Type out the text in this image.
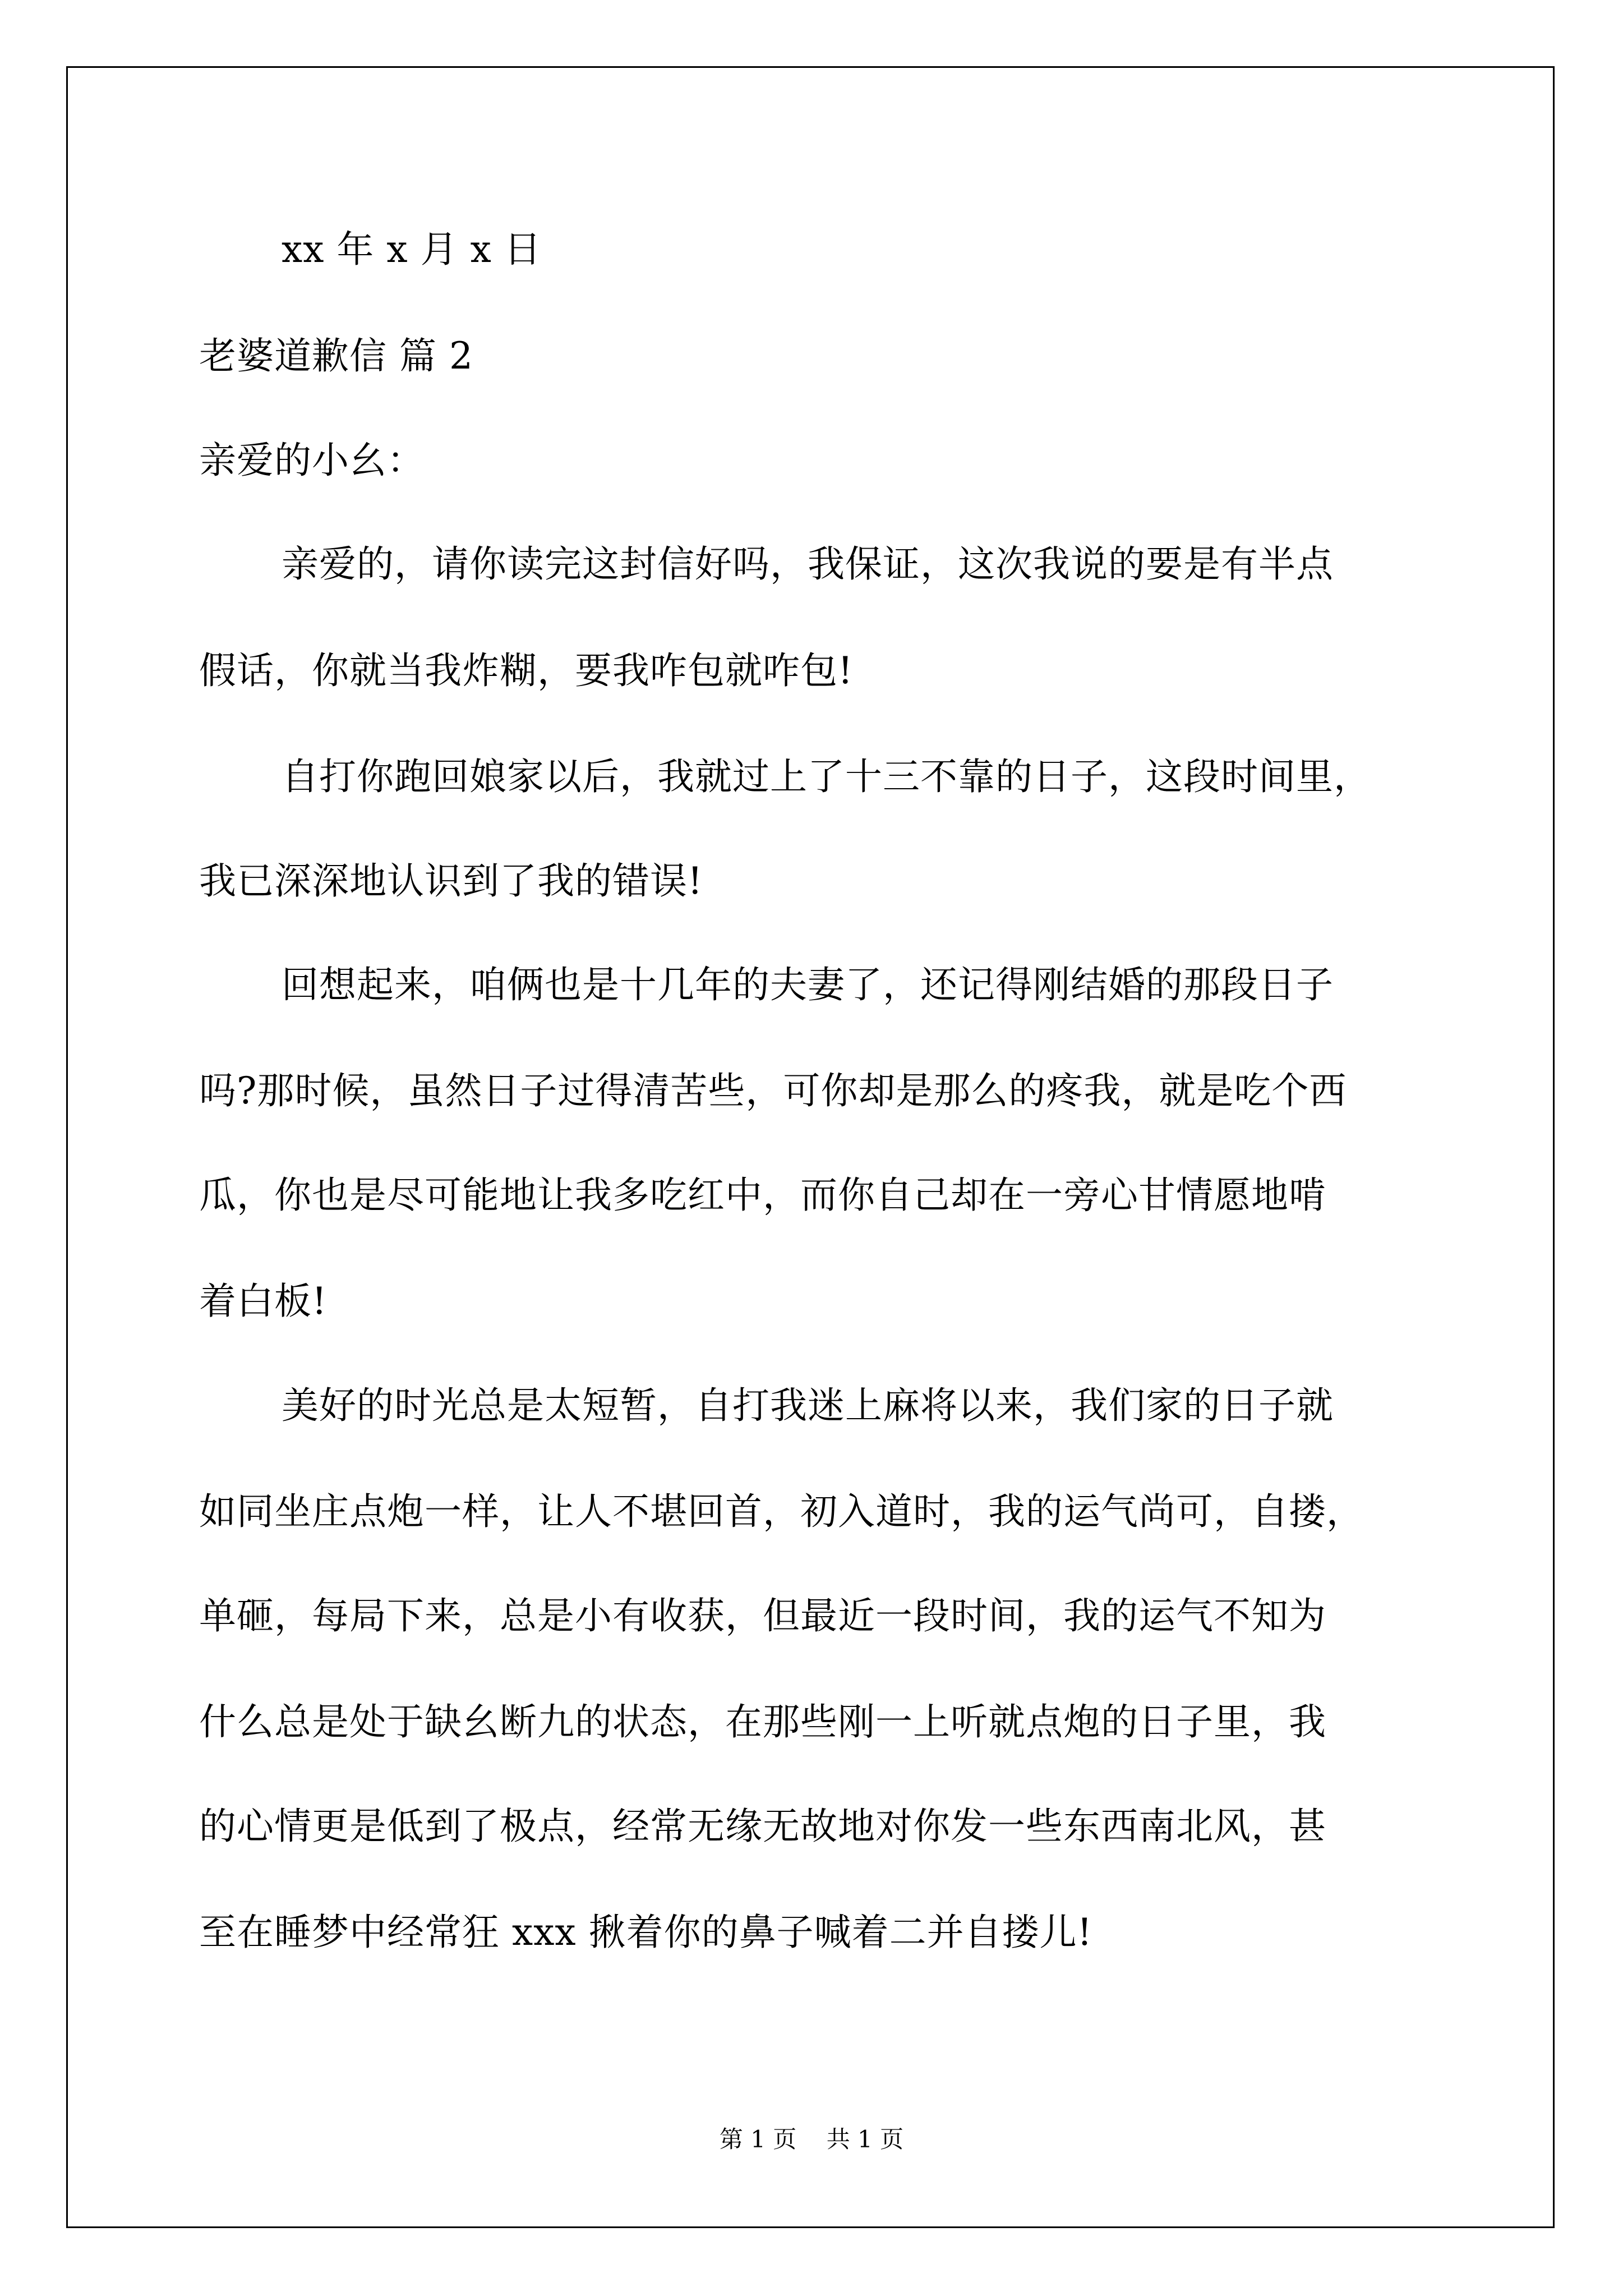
xx 年 x 月 x 日
老婆道歉信 篇 2
亲爱的小幺：
亲爱的，请你读完这封信好吗，我保证，这次我说的要是有半点
假话，你就当我炸糊，要我咋包就咋包!
自打你跑回娘家以后，我就过上了十三不靠的日子，这段时间里，
我已深深地认识到了我的错误!
回想起来，咱俩也是十几年的夫妻了，还记得刚结婚的那段日子
吗?那时候，虽然日子过得清苦些，可你却是那么的疼我，就是吃个西
瓜，你也是尽可能地让我多吃红中，而你自己却在一旁心甘情愿地啃
着白板!
美好的时光总是太短暂，自打我迷上麻将以来，我们家的日子就
如同坐庄点炮一样，让人不堪回首，初入道时，我的运气尚可，自搂，
单砸，每局下来，总是小有收获，但最近一段时间，我的运气不知为
什么总是处于缺幺断九的状态，在那些刚一上听就点炮的日子里，我
的心情更是低到了极点，经常无缘无故地对你发一些东西南北风，甚
至在睡梦中经常狂 xxx 揪着你的鼻子喊着二并自搂儿!
第 1 页    共 1 页
